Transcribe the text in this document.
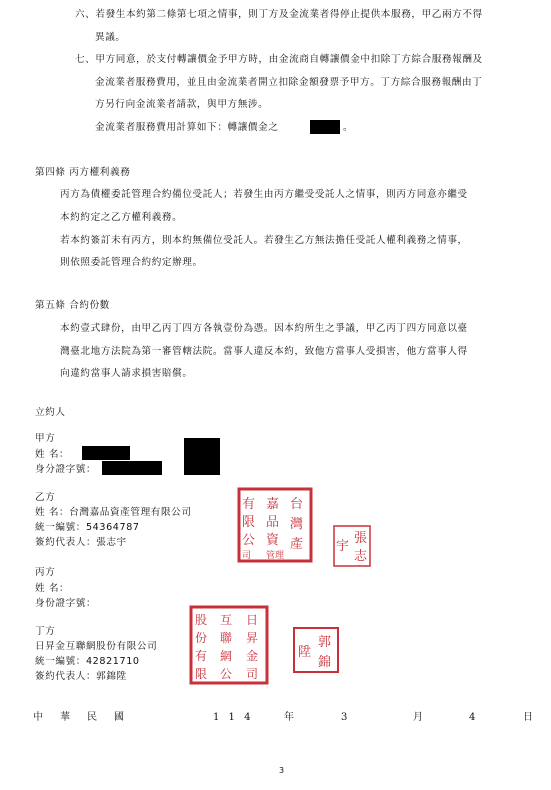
六、若發生本約第二條第七項之情事，則丁方及金流業者得停止提供本服務，甲乙兩方不得
異議。
七、甲方同意，於支付轉讓價金予甲方時，由金流商自轉讓價金中扣除丁方綜合服務報酬及
金流業者服務費用，並且由金流業者開立扣除金額發票予甲方。丁方綜合服務報酬由丁
方另行向金流業者請款，與甲方無涉。
金流業者服務費用計算如下：轉讓價金之	。
第四條 丙方權利義務
丙方為債權委託管理合約備位受託人；若發生由丙方繼受受託人之情事，則丙方同意亦繼受
本約約定之乙方權利義務。
若本約簽訂未有丙方，則本約無備位受託人。若發生乙方無法擔任受託人權利義務之情事，
則依照委託管理合約約定辦理。
第五條 合約份數
本約壹式肆份，由甲乙丙丁四方各執壹份為憑。因本約所生之爭議，甲乙丙丁四方同意以臺
灣臺北地方法院為第一審管轄法院。當事人違反本約，致他方當事人受損害，他方當事人得
向違約當事人請求損害賠償。
立約人
甲方
姓 名：
身分證字號：
乙方
姓 名：台灣嘉品資產管理有限公司
統一編號：54364787
簽約代表人：張志宇
台
灣
嘉
品
資
有
限
公	產
管理
司
張
志
宇
丙方
姓 名：
身份證字號：
丁方
日昇金互聯網股份有限公司
統一編號：42821710
簽約代表人：郭錦陞
日
昇
金
互
聯
網
股
份
有
限 公 司
郭
錦
陞
中 華 民 國	1 1 4	年	3	月	4	日
3
